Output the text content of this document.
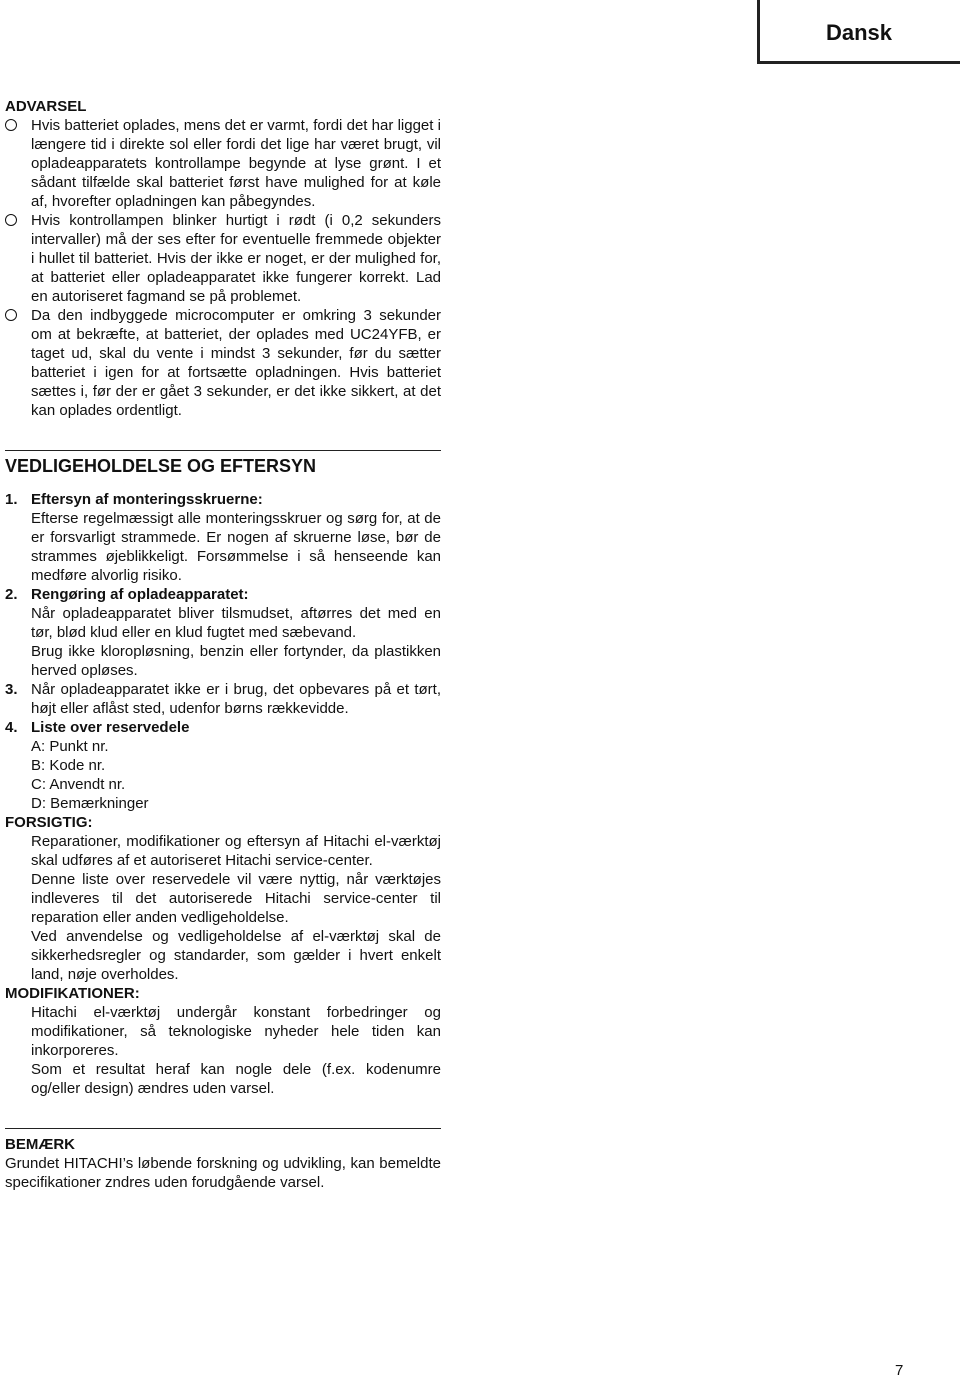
Dansk

ADVARSEL

Hvis batteriet oplades, mens det er varmt, fordi det har ligget i længere tid i direkte sol eller fordi det lige har været brugt, vil opladeapparatets kontrollampe begynde at lyse grønt. I et sådant tilfælde skal batteriet først have mulighed for at køle af, hvorefter opladningen kan påbegyndes.

Hvis kontrollampen blinker hurtigt i rødt (i 0,2 sekunders intervaller) må der ses efter for eventuelle fremmede objekter i hullet til batteriet. Hvis der ikke er noget, er der mulighed for, at batteriet eller opladeapparatet ikke fungerer korrekt. Lad en autoriseret fagmand se på problemet.

Da den indbyggede microcomputer er omkring 3 sekunder om at bekræfte, at batteriet, der oplades med UC24YFB, er taget ud, skal du vente i mindst 3 sekunder, før du sætter batteriet i igen for at fortsætte opladningen. Hvis batteriet sættes i, før der er gået 3 sekunder, er det ikke sikkert, at det kan oplades ordentligt.

VEDLIGEHOLDELSE OG EFTERSYN

1. Eftersyn af monteringsskruerne:

Efterse regelmæssigt alle monteringsskruer og sørg for, at de er forsvarligt strammede. Er nogen af skruerne løse, bør de strammes øjeblikkeligt. Forsømmelse i så henseende kan medføre alvorlig risiko.

2. Rengøring af opladeapparatet:

Når opladeapparatet bliver tilsmudset, aftørres det med en tør, blød klud eller en klud fugtet med sæbevand.

Brug ikke kloropløsning, benzin eller fortynder, da plastikken herved opløses.

3. Når opladeapparatet ikke er i brug, det opbevares på et tørt, højt eller aflåst sted, udenfor børns rækkevidde.

4. Liste over reservedele

A: Punkt nr.

B: Kode nr.

C: Anvendt nr.

D: Bemærkninger

FORSIGTIG:

Reparationer, modifikationer og eftersyn af Hitachi el-værktøj skal udføres af et autoriseret Hitachi service-center.

Denne liste over reservedele vil være nyttig, når værktøjes indleveres til det autoriserede Hitachi service-center til reparation eller anden vedligeholdelse.

Ved anvendelse og vedligeholdelse af el-værktøj skal de sikkerhedsregler og standarder, som gælder i hvert enkelt land, nøje overholdes.

MODIFIKATIONER:

Hitachi el-værktøj undergår konstant forbedringer og modifikationer, så teknologiske nyheder hele tiden kan inkorporeres.

Som et resultat heraf kan nogle dele (f.ex. kodenumre og/eller design) ændres uden varsel.

BEMÆRK

Grundet HITACHI’s løbende forskning og udvikling, kan bemeldte specifikationer zndres uden forudgående varsel.

7
